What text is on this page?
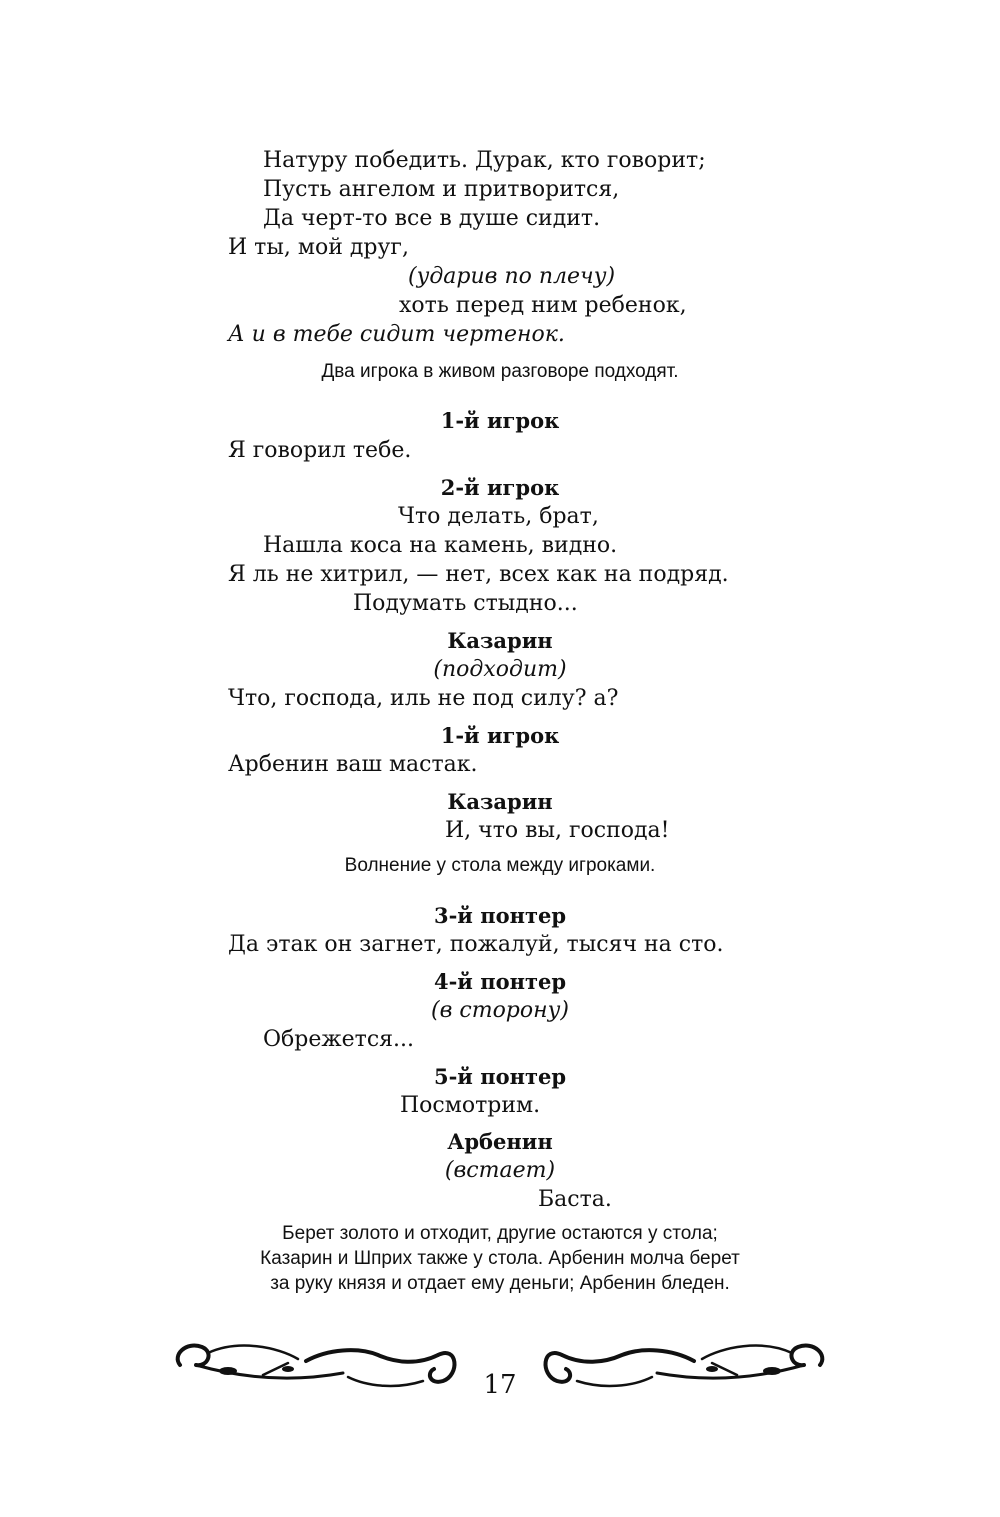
Натуру победить. Дурак, кто говорит;

Пусть ангелом и притворится,

Да черт-то все в душе сидит.

И ты, мой друг,

(ударив по плечу)

хоть перед ним ребенок,

А и в тебе сидит чертенок.

Два игрока в живом разговоре подходят.

1-й игрок

Я говорил тебе.

2-й игрок

Что делать, брат,

Нашла коса на камень, видно.

Я ль не хитрил, — нет, всех как на подряд.

Подумать стыдно...

Казарин

(подходит)

Что, господа, иль не под силу? а?

1-й игрок

Арбенин ваш мастак.

Казарин

И, что вы, господа!

Волнение у стола между игроками.

3-й понтер

Да этак он загнет, пожалуй, тысяч на сто.

4-й понтер

(в сторону)

Обрежется...

5-й понтер

Посмотрим.

Арбенин

(встает)

Баста.

Берет золото и отходит, другие остаются у стола;

Казарин и Шприх также у стола. Арбенин молча берет

за руку князя и отдает ему деньги; Арбенин бледен.

17
